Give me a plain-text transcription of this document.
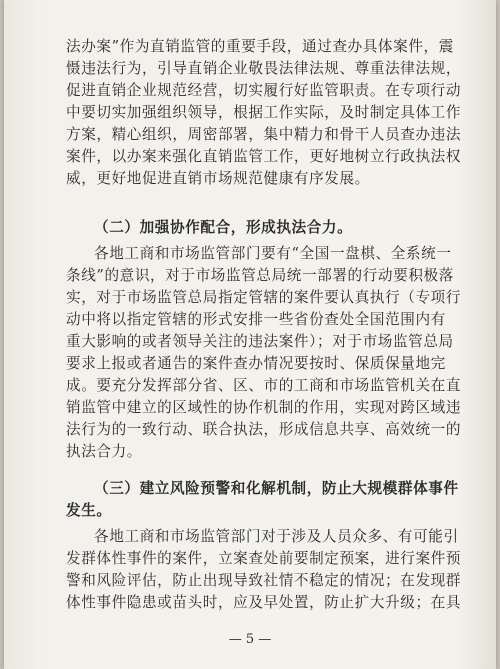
法办案”作为直销监管的重要手段，通过查办具体案件，震
慑违法行为，引导直销企业敬畏法律法规、尊重法律法规，
促进直销企业规范经营，切实履行好监管职责。在专项行动
中要切实加强组织领导，根据工作实际，及时制定具体工作
方案，精心组织，周密部署，集中精力和骨干人员查办违法
案件，以办案来强化直销监管工作，更好地树立行政执法权
威，更好地促进直销市场规范健康有序发展。
（二）加强协作配合，形成执法合力。
各地工商和市场监管部门要有“全国一盘棋、全系统一
条线”的意识，对于市场监管总局统一部署的行动要积极落
实，对于市场监管总局指定管辖的案件要认真执行（专项行
动中将以指定管辖的形式安排一些省份查处全国范围内有
重大影响的或者领导关注的违法案件）；对于市场监管总局
要求上报或者通告的案件查办情况要按时、保质保量地完
成。要充分发挥部分省、区、市的工商和市场监管机关在直
销监管中建立的区域性的协作机制的作用，实现对跨区域违
法行为的一致行动、联合执法，形成信息共享、高效统一的
执法合力。
（三）建立风险预警和化解机制，防止大规模群体事件
发生。
各地工商和市场监管部门对于涉及人员众多、有可能引
发群体性事件的案件，立案查处前要制定预案，进行案件预
警和风险评估，防止出现导致社情不稳定的情况；在发现群
体性事件隐患或苗头时，应及早处置，防止扩大升级；在具
— 5 —
